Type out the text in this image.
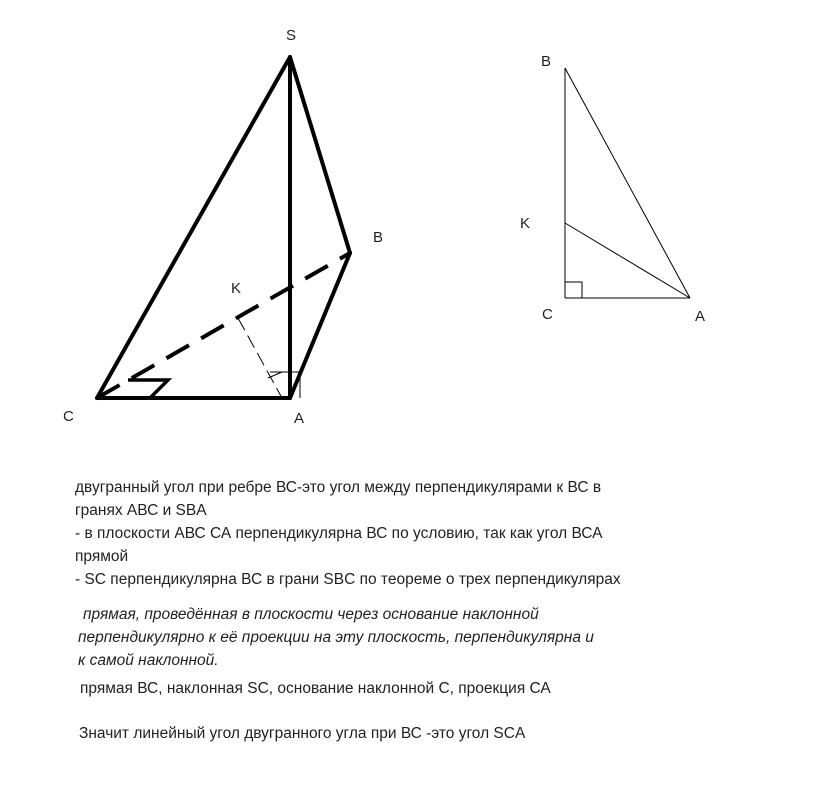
S
B
K
C	A
B
K
C	A
двугранный угол при ребре ВС-это угол между перпендикулярами к ВС в
гранях АВС и SBA
- в плоскости АВС СА перпендикулярна ВС по условию, так как угол ВСА
прямой
- SC перпендикулярна ВС в грани SBC по теореме о трех перпендикулярах
прямая, проведённая в плоскости через основание наклонной
перпендикулярно к её проекции на эту плоскость, перпендикулярна и
к самой наклонной.
прямая ВС, наклонная SC, основание наклонной С, проекция СА
Значит линейный угол двугранного угла при ВС -это угол SCA
